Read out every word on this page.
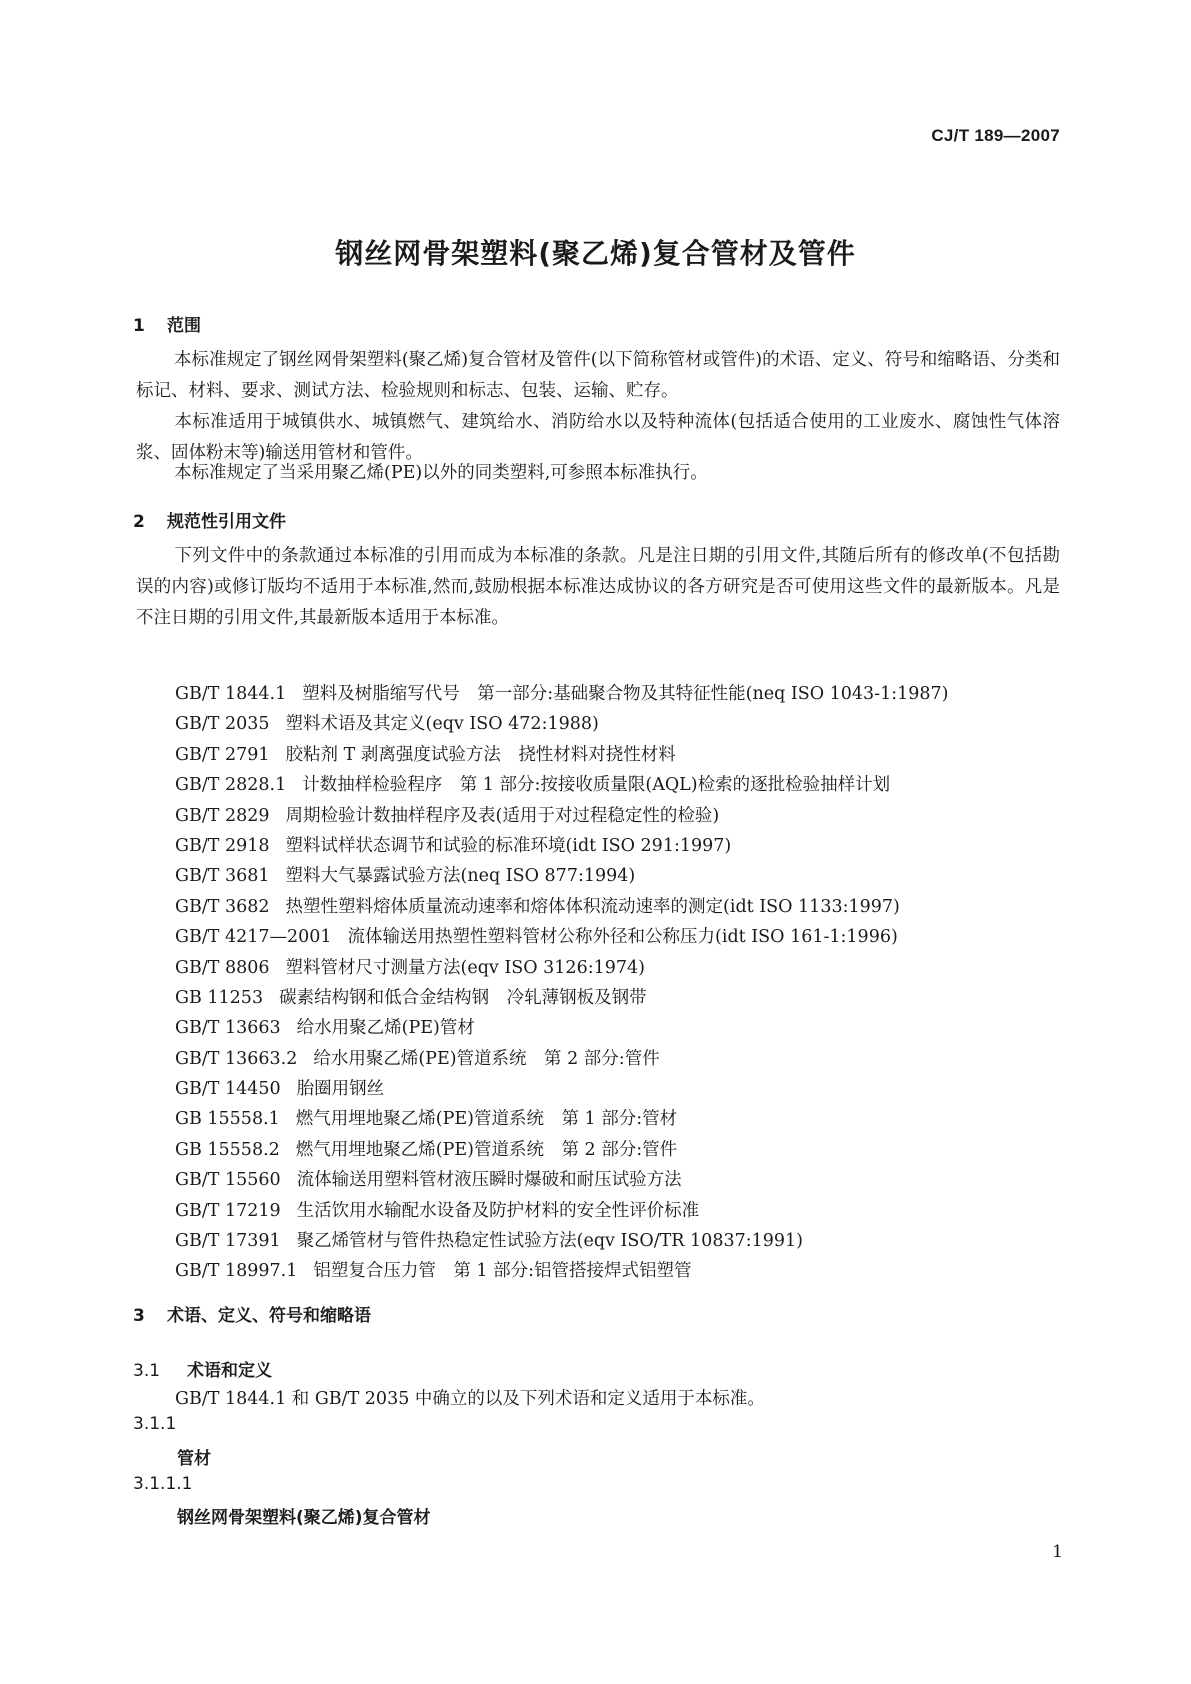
CJ/T 189—2007
钢丝网骨架塑料(聚乙烯)复合管材及管件
1 范围
本标准规定了钢丝网骨架塑料(聚乙烯)复合管材及管件(以下简称管材或管件)的术语、定义、符号和缩略语、分类和标记、材料、要求、测试方法、检验规则和标志、包装、运输、贮存。
本标准适用于城镇供水、城镇燃气、建筑给水、消防给水以及特种流体(包括适合使用的工业废水、腐蚀性气体溶浆、固体粉末等)输送用管材和管件。
本标准规定了当采用聚乙烯(PE)以外的同类塑料,可参照本标准执行。
2 规范性引用文件
下列文件中的条款通过本标准的引用而成为本标准的条款。凡是注日期的引用文件,其随后所有的修改单(不包括勘误的内容)或修订版均不适用于本标准,然而,鼓励根据本标准达成协议的各方研究是否可使用这些文件的最新版本。凡是不注日期的引用文件,其最新版本适用于本标准。
GB/T 1844.1 塑料及树脂缩写代号　第一部分:基础聚合物及其特征性能(neq ISO 1043-1:1987)
GB/T 2035 塑料术语及其定义(eqv ISO 472:1988)
GB/T 2791 胶粘剂 T 剥离强度试验方法　挠性材料对挠性材料
GB/T 2828.1 计数抽样检验程序　第 1 部分:按接收质量限(AQL)检索的逐批检验抽样计划
GB/T 2829 周期检验计数抽样程序及表(适用于对过程稳定性的检验)
GB/T 2918 塑料试样状态调节和试验的标准环境(idt ISO 291:1997)
GB/T 3681 塑料大气暴露试验方法(neq ISO 877:1994)
GB/T 3682 热塑性塑料熔体质量流动速率和熔体体积流动速率的测定(idt ISO 1133:1997)
GB/T 4217—2001 流体输送用热塑性塑料管材公称外径和公称压力(idt ISO 161-1:1996)
GB/T 8806 塑料管材尺寸测量方法(eqv ISO 3126:1974)
GB 11253 碳素结构钢和低合金结构钢　冷轧薄钢板及钢带
GB/T 13663 给水用聚乙烯(PE)管材
GB/T 13663.2 给水用聚乙烯(PE)管道系统　第 2 部分:管件
GB/T 14450 胎圈用钢丝
GB 15558.1 燃气用埋地聚乙烯(PE)管道系统　第 1 部分:管材
GB 15558.2 燃气用埋地聚乙烯(PE)管道系统　第 2 部分:管件
GB/T 15560 流体输送用塑料管材液压瞬时爆破和耐压试验方法
GB/T 17219 生活饮用水输配水设备及防护材料的安全性评价标准
GB/T 17391 聚乙烯管材与管件热稳定性试验方法(eqv ISO/TR 10837:1991)
GB/T 18997.1 铝塑复合压力管　第 1 部分:铝管搭接焊式铝塑管
3 术语、定义、符号和缩略语
3.1 术语和定义
GB/T 1844.1 和 GB/T 2035 中确立的以及下列术语和定义适用于本标准。
3.1.1
管材
3.1.1.1
钢丝网骨架塑料(聚乙烯)复合管材
1
